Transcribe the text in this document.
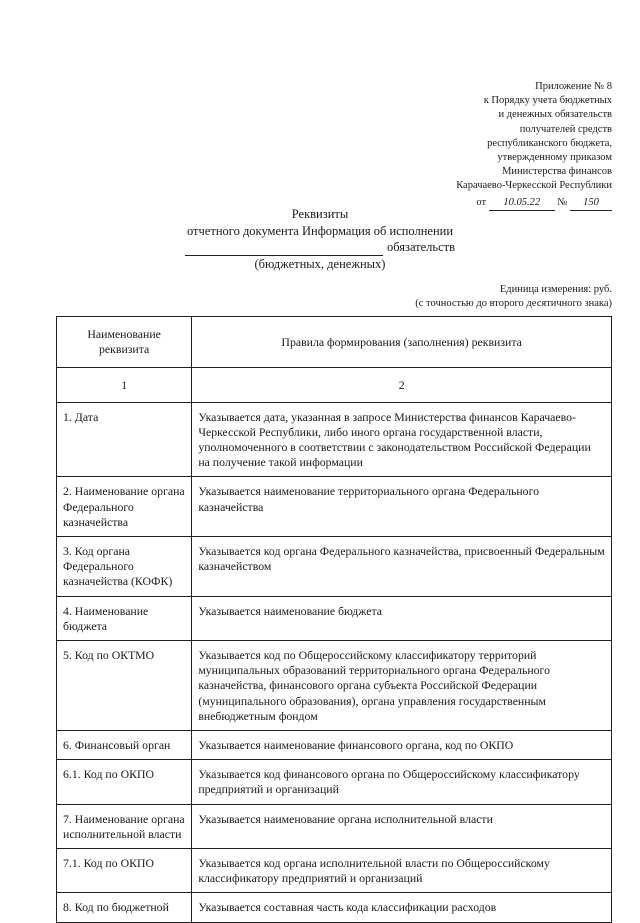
Приложение № 8
к Порядку учета бюджетных
и денежных обязательств
получателей средств
республиканского бюджета,
утвержденному приказом
Министерства финансов
Карачаево-Черкесской Республики
от 10.05.22 № 150
Реквизиты
отчетного документа Информация об исполнении
обязательств
(бюджетных, денежных)
Единица измерения: руб.
(с точностью до второго десятичного знака)
Наименование реквизита	Правила формирования (заполнения) реквизита
1	2
1. Дата	Указывается дата, указанная в запросе Министерства финансов Карачаево-Черкесской Республики, либо иного органа государственной власти, уполномоченного в соответствии с законодательством Российской Федерации на получение такой информации
2. Наименование органа Федерального казначейства	Указывается наименование территориального органа Федерального казначейства
3. Код органа Федерального казначейства (КОФК)	Указывается код органа Федерального казначейства, присвоенный Федеральным казначейством
4. Наименование бюджета	Указывается наименование бюджета
5. Код по ОКТМО	Указывается код по Общероссийскому классификатору территорий муниципальных образований территориального органа Федерального казначейства, финансового органа субъекта Российской Федерации (муниципального образования), органа управления государственным внебюджетным фондом
6. Финансовый орган	Указывается наименование финансового органа, код по ОКПО
6.1. Код по ОКПО	Указывается код финансового органа по Общероссийскому классификатору предприятий и организаций
7. Наименование органа исполнительной власти	Указывается наименование органа исполнительной власти
7.1. Код по ОКПО	Указывается код органа исполнительной власти по Общероссийскому классификатору предприятий и организаций
8. Код по бюджетной	Указывается составная часть кода классификации расходов
